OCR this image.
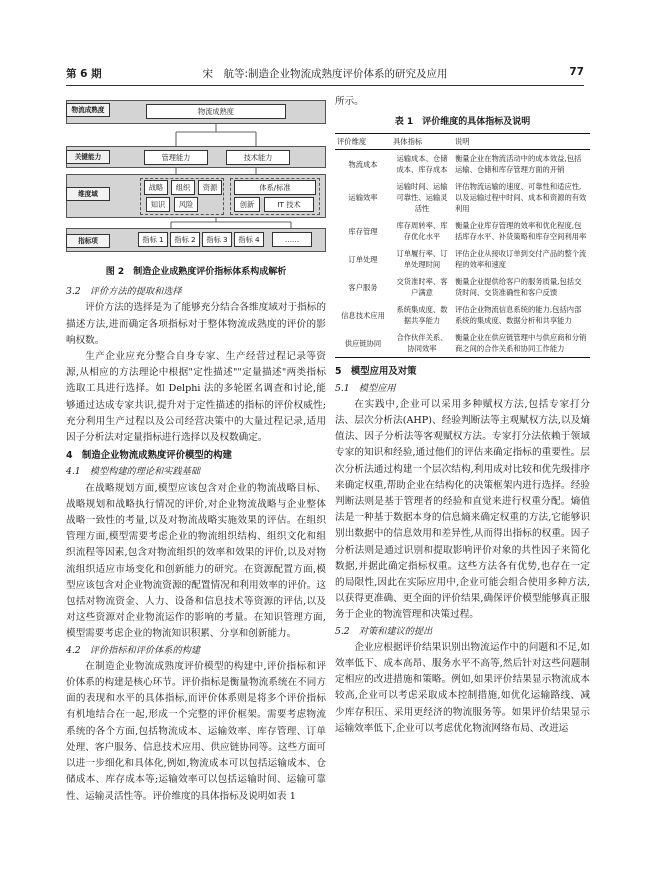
第 6 期	宋　航等:制造企业物流成熟度评价体系的研究及应用	77
物流成熟度
关键能力
维度域
指标项
物流成熟度
管理能力	技术能力
战略	组织	资源	体系/标准
知识	风险	创新	IT 技术
指标 1	指标 2	指标 3	指标 4	……
图 2　制造企业成熟度评价指标体系构成解析
3.2　评价方法的提取和选择

评价方法的选择是为了能够充分结合各维度域对于指标的描述方法,进而确定各项指标对于整体物流成熟度的评价的影响权数。

生产企业应充分整合自身专家、生产经营过程记录等资源,从相应的方法理论中根据"定性描述""定量描述"两类指标选取工具进行选择。如 Delphi 法的多轮匿名调查和讨论,能够通过达成专家共识,提升对于定性描述的指标的评价权威性;充分利用生产过程以及公司经营决策中的大量过程记录,适用因子分析法对定量指标进行选择以及权数确定。

4　制造企业物流成熟度评价模型的构建
4.1　模型构建的理论和实践基础

在战略规划方面,模型应该包含对企业的物流战略目标、战略规划和战略执行情况的评价,对企业物流战略与企业整体战略一致性的考量,以及对物流战略实施效果的评估。在组织管理方面,模型需要考虑企业的物流组织结构、组织文化和组织流程等因素,包含对物流组织的效率和效果的评价,以及对物流组织适应市场变化和创新能力的研究。在资源配置方面,模型应该包含对企业物流资源的配置情况和利用效率的评价。这包括对物流资金、人力、设备和信息技术等资源的评估,以及对这些资源对企业物流运作的影响的考量。在知识管理方面,模型需要考虑企业的物流知识积累、分享和创新能力。

4.2　评价指标和评价体系的构建

在制造企业物流成熟度评价模型的构建中,评价指标和评价体系的构建是核心环节。评价指标是衡量物流系统在不同方面的表现和水平的具体指标,而评价体系则是将多个评价指标有机地结合在一起,形成一个完整的评价框架。需要考虑物流系统的各个方面,包括物流成本、运输效率、库存管理、订单处理、客户服务、信息技术应用、供应链协同等。这些方面可以进一步细化和具体化,例如,物流成本可以包括运输成本、仓储成本、库存成本等;运输效率可以包括运输时间、运输可靠性、运输灵活性等。评价维度的具体指标及说明如表 1

所示。

表 1　评价维度的具体指标及说明
评价维度	具体指标	说明
物流成本	运输成本、仓储成本、库存成本	衡量企业在物流活动中的成本效益,包括运输、仓储和库存管理方面的开销
运输效率	运输时间、运输可靠性、运输灵活性	评估物流运输的速度、可靠性和适应性,以及运输过程中时间、成本和资源的有效利用
库存管理	库存周转率、库存优化水平	衡量企业库存管理的效率和优化程度,包括库存水平、补货策略和库存空间利用率
订单处理	订单履行率、订单处理时间	评估企业从接收订单到交付产品的整个流程的效率和速度
客户服务	交货准时率、客户满意	衡量企业提供给客户的服务质量,包括交货时间、交货准确性和客户反馈
信息技术应用	系统集成度、数据共享能力	评估企业物流信息系统的能力,包括内部系统的集成度、数据分析和共享能力
供应链协同	合作伙伴关系、协同效率	衡量企业在供应链管理中与供应商和分销商之间的合作关系和协同工作能力
5　模型应用及对策
5.1　模型应用

在实践中,企业可以采用多种赋权方法,包括专家打分法、层次分析法(AHP)、经验判断法等主观赋权方法,以及熵值法、因子分析法等客观赋权方法。专家打分法依赖于领域专家的知识和经验,通过他们的评估来确定指标的重要性。层次分析法通过构建一个层次结构,利用成对比较和优先级排序来确定权重,帮助企业在结构化的决策框架内进行选择。经验判断法则是基于管理者的经验和直觉来进行权重分配。熵值法是一种基于数据本身的信息熵来确定权重的方法,它能够识别出数据中的信息效用和差异性,从而得出指标的权重。因子分析法则是通过识别和提取影响评价对象的共性因子来简化数据,并据此确定指标权重。这些方法各有优势,也存在一定的局限性,因此在实际应用中,企业可能会组合使用多种方法,以获得更准确、更全面的评价结果,确保评价模型能够真正服务于企业的物流管理和决策过程。

5.2　对策和建议的提出

企业应根据评价结果识别出物流运作中的问题和不足,如效率低下、成本高昂、服务水平不高等,然后针对这些问题制定相应的改进措施和策略。例如,如果评价结果显示物流成本较高,企业可以考虑采取成本控制措施,如优化运输路线、减少库存积压、采用更经济的物流服务等。如果评价结果显示运输效率低下,企业可以考虑优化物流网络布局、改进运
